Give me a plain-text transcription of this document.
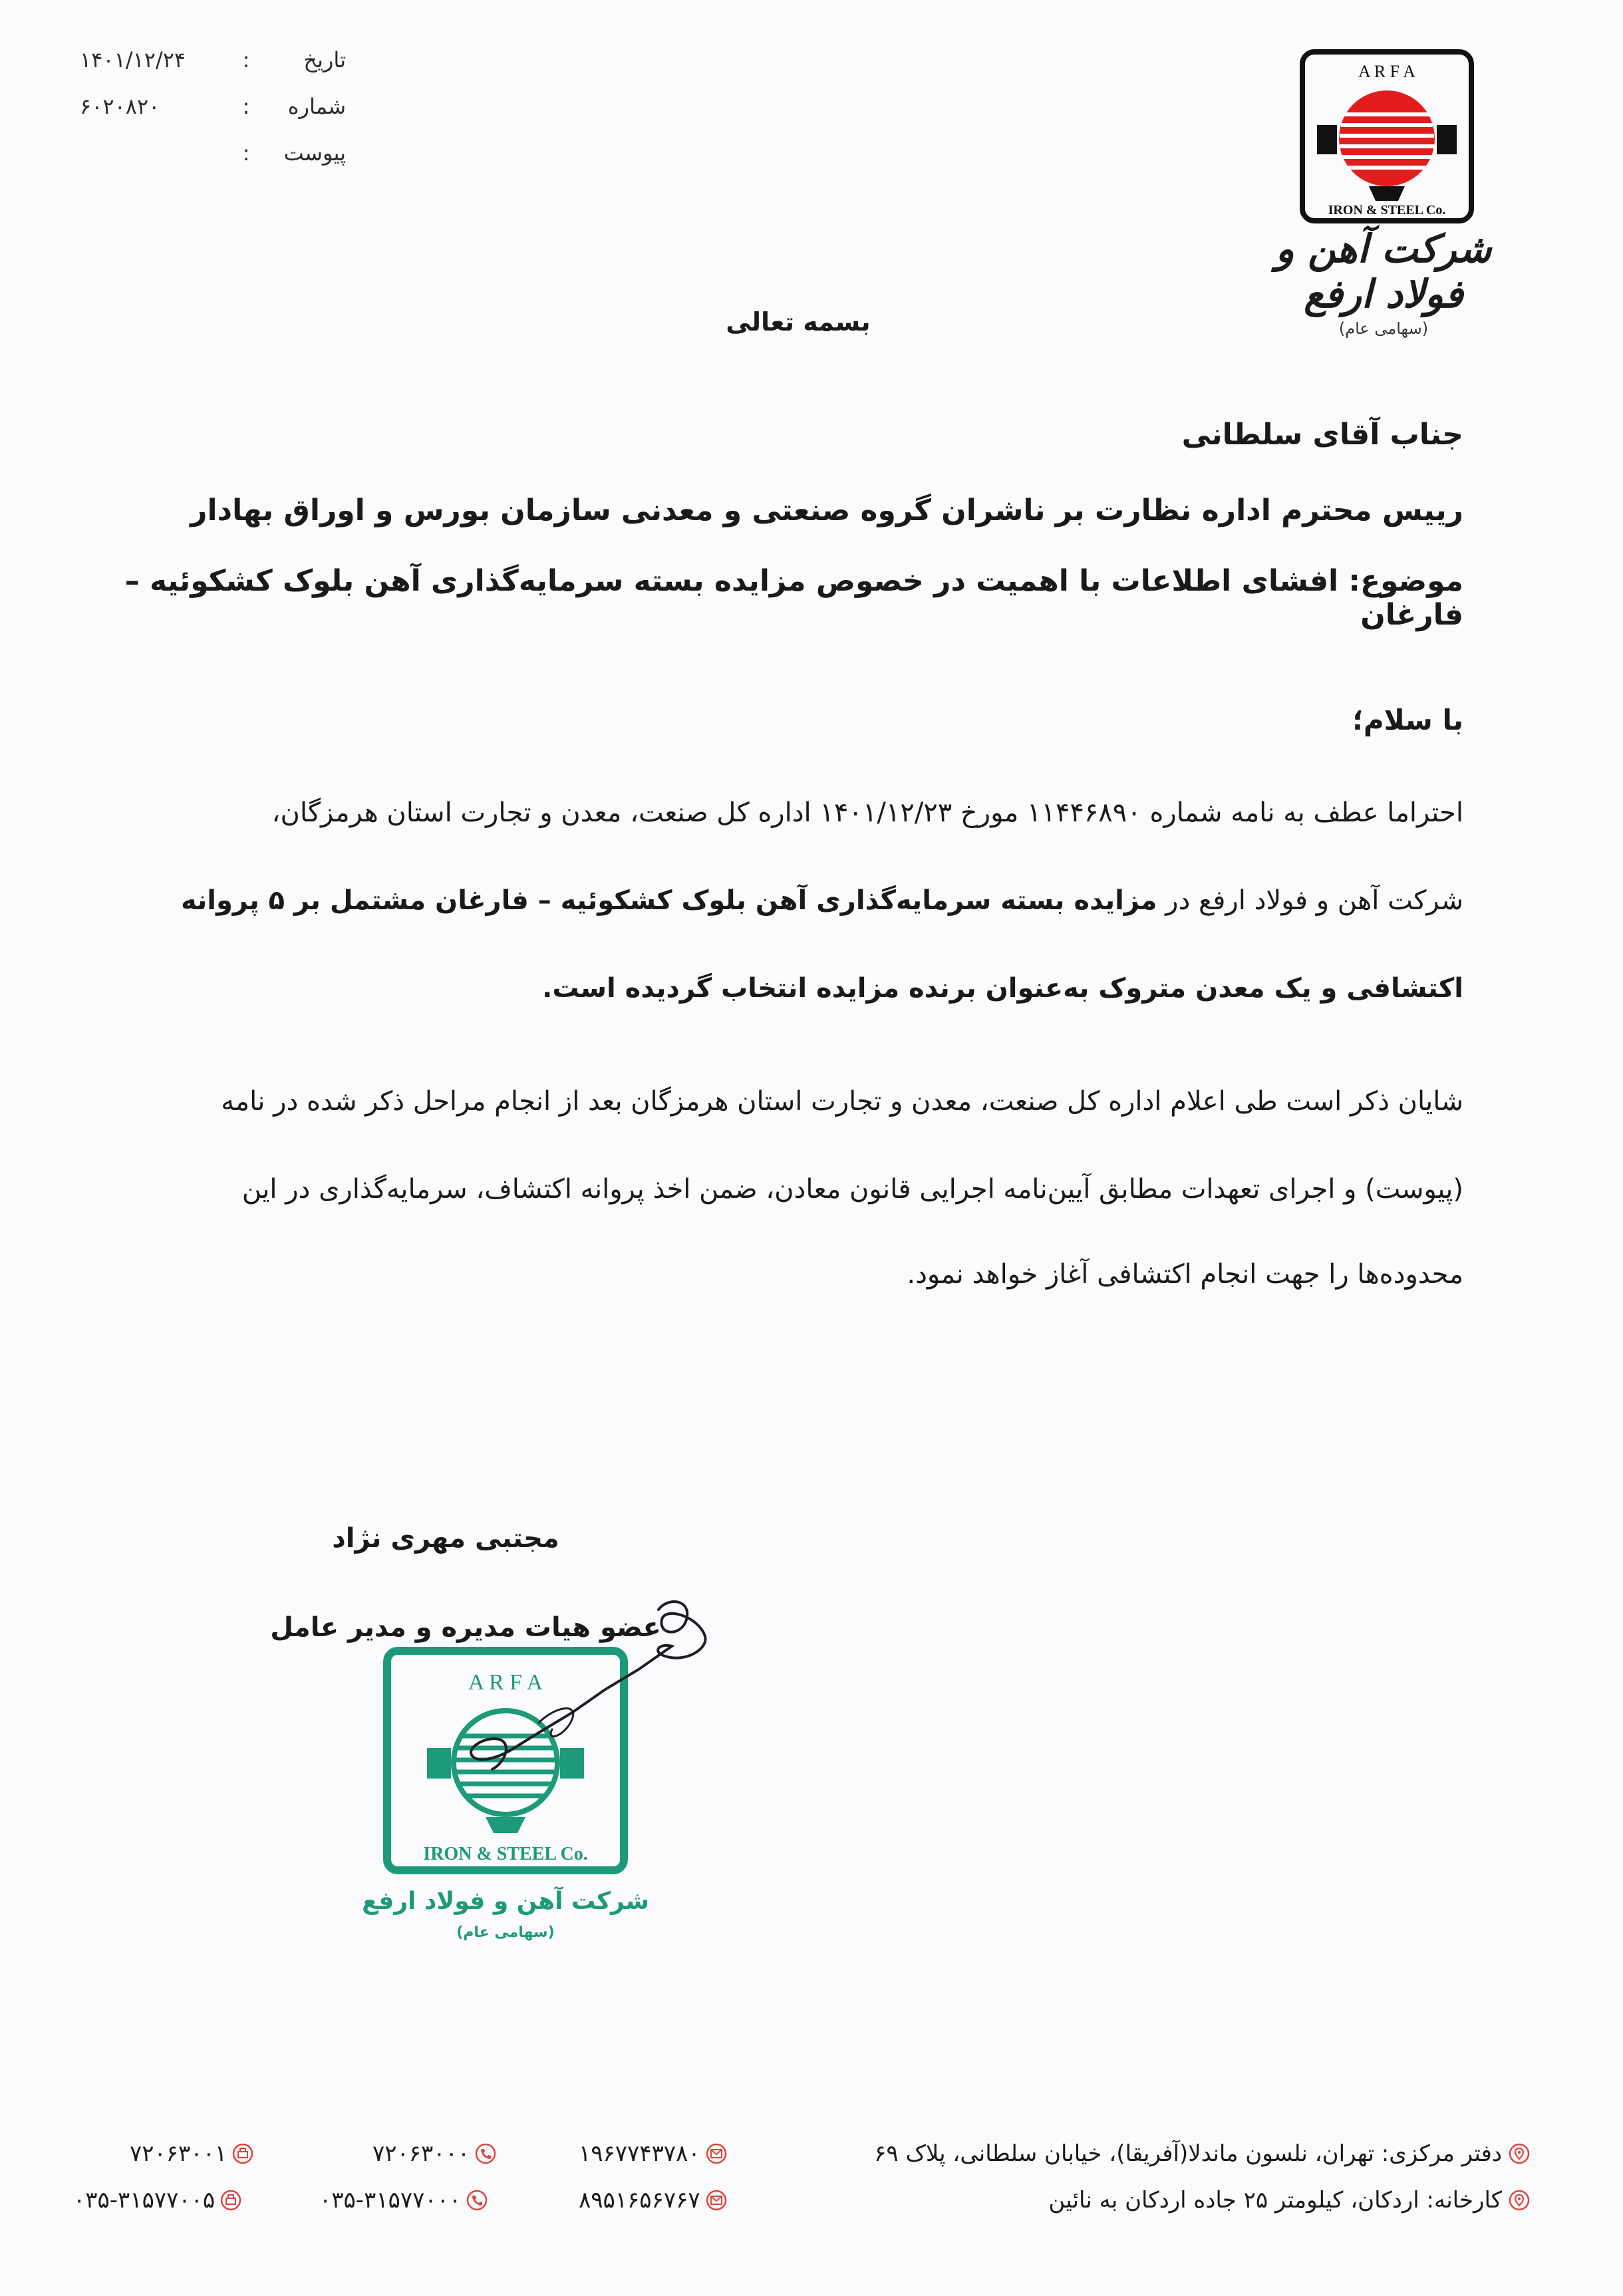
تاریخ
:
۱۴۰۱/۱۲/۲۴
شماره
:
۶۰۲۰۸۲۰
پیوست
:
A R F A
IRON & STEEL Co.
شرکت آهن و فولاد ارفع
(سهامی عام)
بسمه تعالی
جناب آقای سلطانی
رییس محترم اداره نظارت بر ناشران گروه صنعتی و معدنی سازمان بورس و اوراق بهادار
موضوع: افشای اطلاعات با اهمیت در خصوص مزایده بسته سرمایه‌گذاری آهن بلوک کشکوئیه – فارغان
با سلام؛
احتراما عطف به نامه شماره ۱۱۴۴۶۸۹۰ مورخ ۱۴۰۱/۱۲/۲۳ اداره کل صنعت، معدن و تجارت استان هرمزگان،
شرکت آهن و فولاد ارفع در مزایده بسته سرمایه‌گذاری آهن بلوک کشکوئیه – فارغان مشتمل بر ۵ پروانه
اکتشافی و یک معدن متروک به‌عنوان برنده مزایده انتخاب گردیده است.
شایان ذکر است طی اعلام اداره کل صنعت، معدن و تجارت استان هرمزگان بعد از انجام مراحل ذکر شده در نامه
(پیوست) و اجرای تعهدات مطابق آیین‌نامه اجرایی قانون معادن، ضمن اخذ پروانه اکتشاف، سرمایه‌گذاری در این
محدوده‌ها را جهت انجام اکتشافی آغاز خواهد نمود.
مجتبی مهری نژاد
عضو هیات مدیره و مدیر عامل
A R F A
IRON & STEEL Co.
شرکت آهن و فولاد ارفع
(سهامی عام)
دفتر مرکزی: تهران، نلسون ماندلا(آفریقا)، خیابان سلطانی، پلاک ۶۹
۱۹۶۷۷۴۳۷۸۰
۷۲۰۶۳۰۰۰
۷۲۰۶۳۰۰۱
کارخانه: اردکان، کیلومتر ۲۵ جاده اردکان به نائین
۸۹۵۱۶۵۶۷۶۷
۰۳۵-۳۱۵۷۷۰۰۰
۰۳۵-۳۱۵۷۷۰۰۵
